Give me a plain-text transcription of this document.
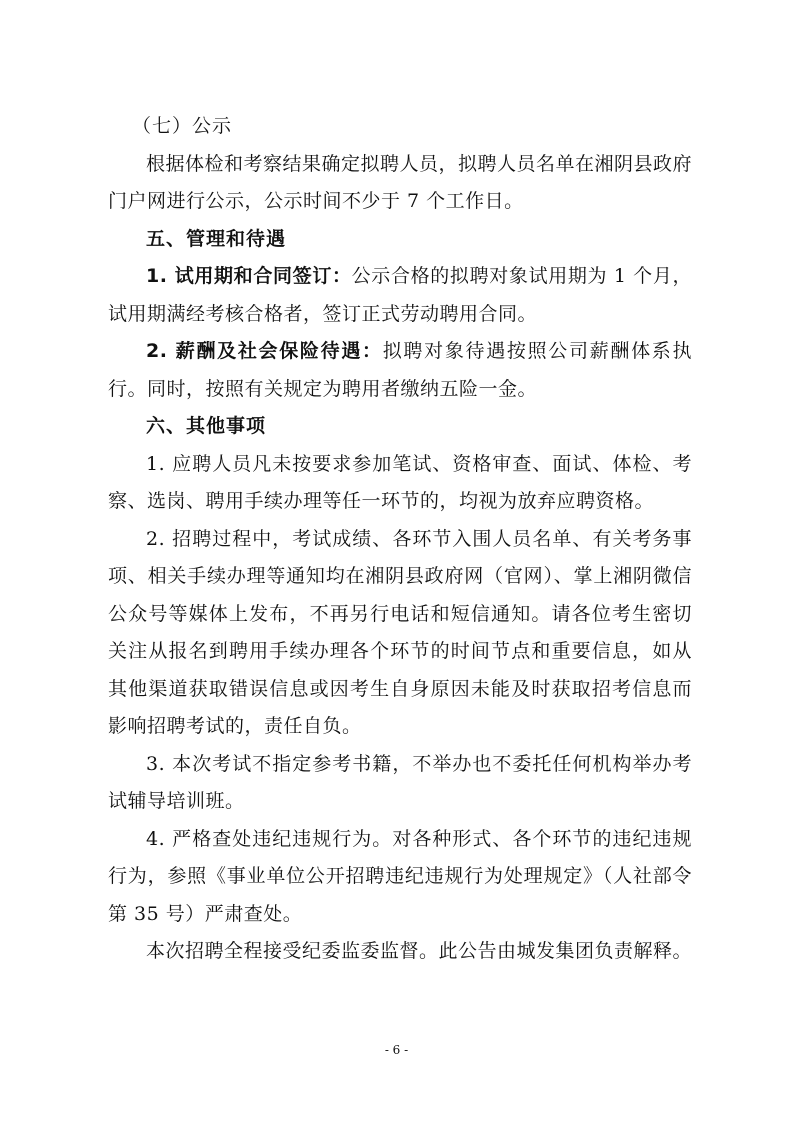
（七）公示

根据体检和考察结果确定拟聘人员，拟聘人员名单在湘阴县政府门户网进行公示，公示时间不少于 7 个工作日。

五、管理和待遇

1. 试用期和合同签订：公示合格的拟聘对象试用期为 1 个月，试用期满经考核合格者，签订正式劳动聘用合同。

2. 薪酬及社会保险待遇：拟聘对象待遇按照公司薪酬体系执行。同时，按照有关规定为聘用者缴纳五险一金。

六、其他事项

1. 应聘人员凡未按要求参加笔试、资格审查、面试、体检、考察、选岗、聘用手续办理等任一环节的，均视为放弃应聘资格。

2. 招聘过程中，考试成绩、各环节入围人员名单、有关考务事项、相关手续办理等通知均在湘阴县政府网（官网）、掌上湘阴微信公众号等媒体上发布，不再另行电话和短信通知。请各位考生密切关注从报名到聘用手续办理各个环节的时间节点和重要信息，如从其他渠道获取错误信息或因考生自身原因未能及时获取招考信息而影响招聘考试的，责任自负。

3. 本次考试不指定参考书籍，不举办也不委托任何机构举办考试辅导培训班。

4. 严格查处违纪违规行为。对各种形式、各个环节的违纪违规行为，参照《事业单位公开招聘违纪违规行为处理规定》（人社部令第 35 号）严肃查处。

本次招聘全程接受纪委监委监督。此公告由城发集团负责解释。

- 6 -
